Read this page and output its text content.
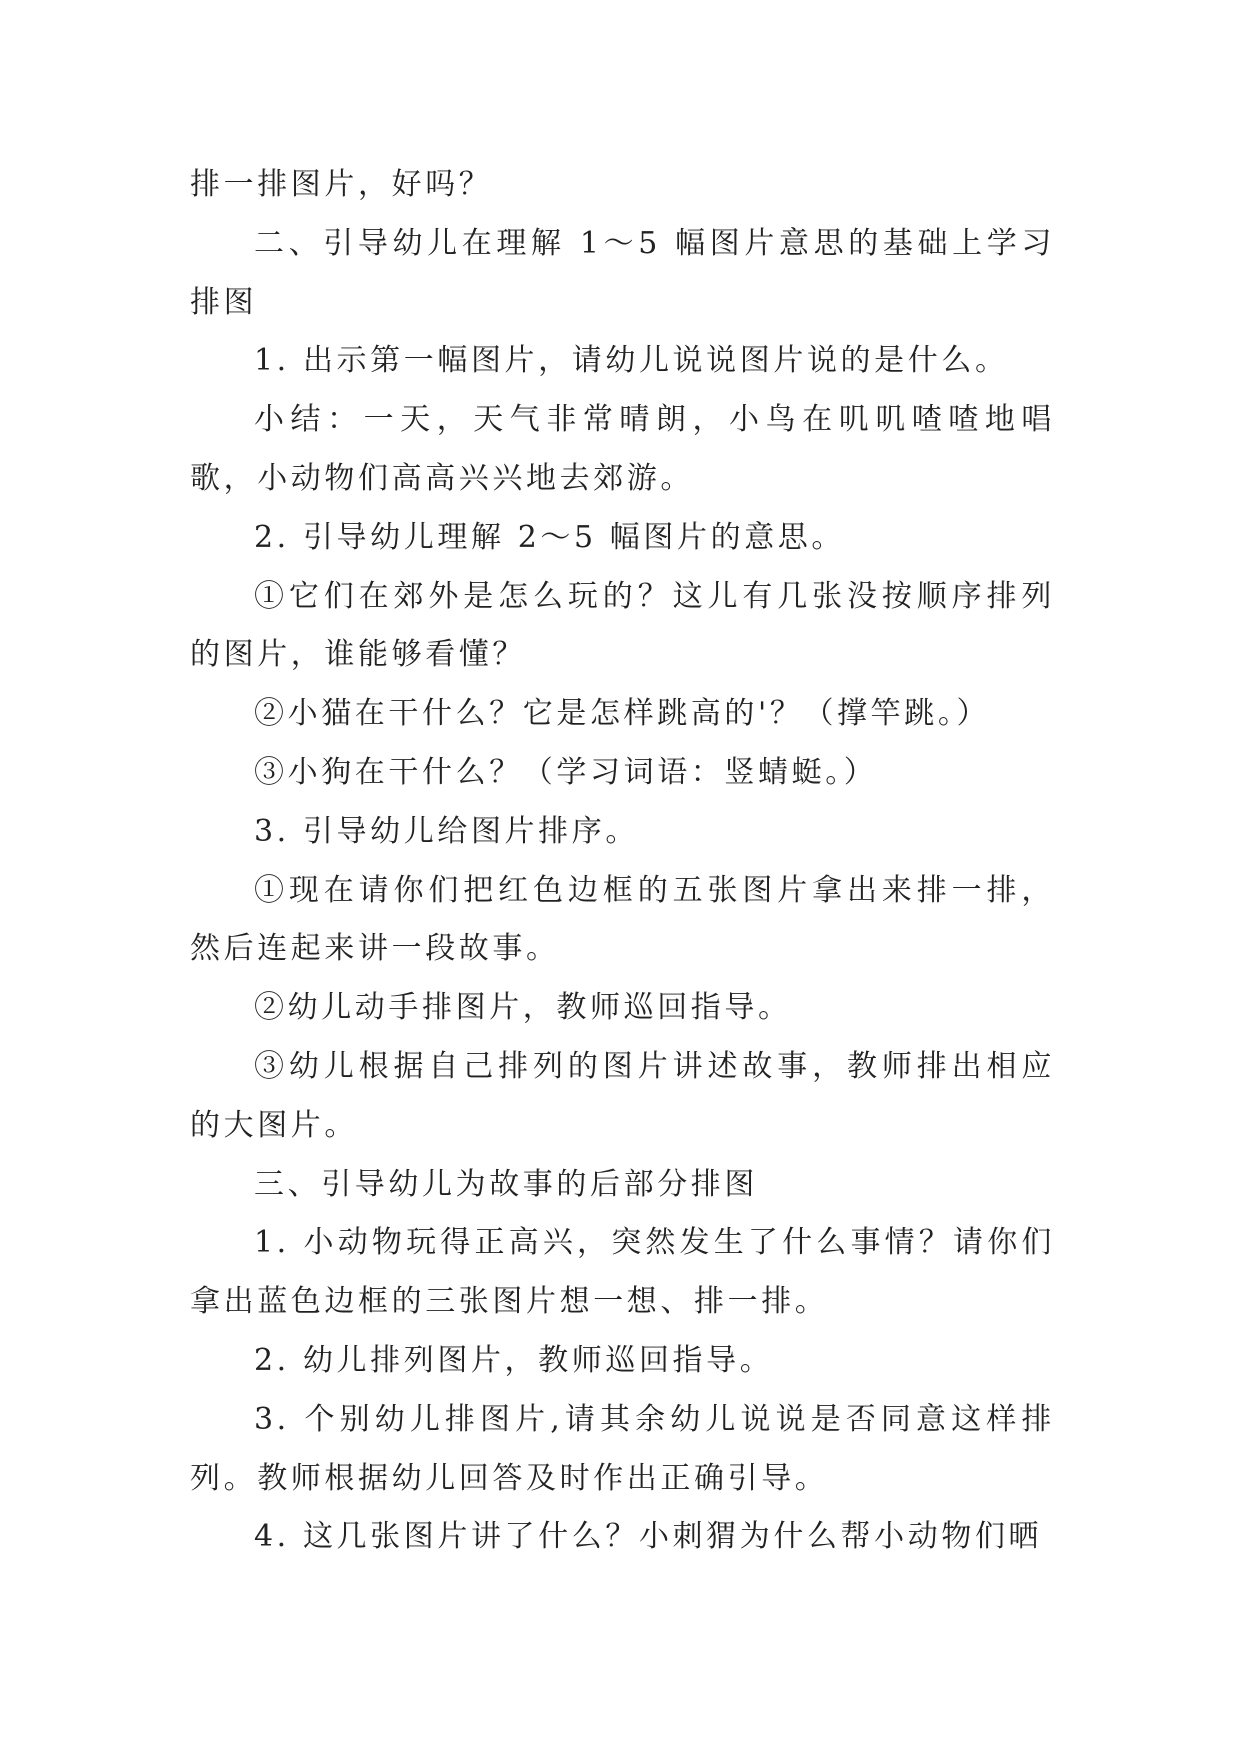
排一排图片，好吗？

二、引导幼儿在理解 1～5 幅图片意思的基础上学习排图

1. 出示第一幅图片，请幼儿说说图片说的是什么。

小结：一天，天气非常晴朗，小鸟在叽叽喳喳地唱歌，小动物们高高兴兴地去郊游。

2. 引导幼儿理解 2～5 幅图片的意思。

①它们在郊外是怎么玩的？这儿有几张没按顺序排列的图片，谁能够看懂？

②小猫在干什么？它是怎样跳高的'？（撑竿跳。）

③小狗在干什么？（学习词语：竖蜻蜓。）

3. 引导幼儿给图片排序。

①现在请你们把红色边框的五张图片拿出来排一排，然后连起来讲一段故事。

②幼儿动手排图片，教师巡回指导。

③幼儿根据自己排列的图片讲述故事，教师排出相应的大图片。

三、引导幼儿为故事的后部分排图

1. 小动物玩得正高兴，突然发生了什么事情？请你们拿出蓝色边框的三张图片想一想、排一排。

2. 幼儿排列图片，教师巡回指导。

3. 个别幼儿排图片,请其余幼儿说说是否同意这样排列。教师根据幼儿回答及时作出正确引导。

4. 这几张图片讲了什么？小刺猬为什么帮小动物们晒
